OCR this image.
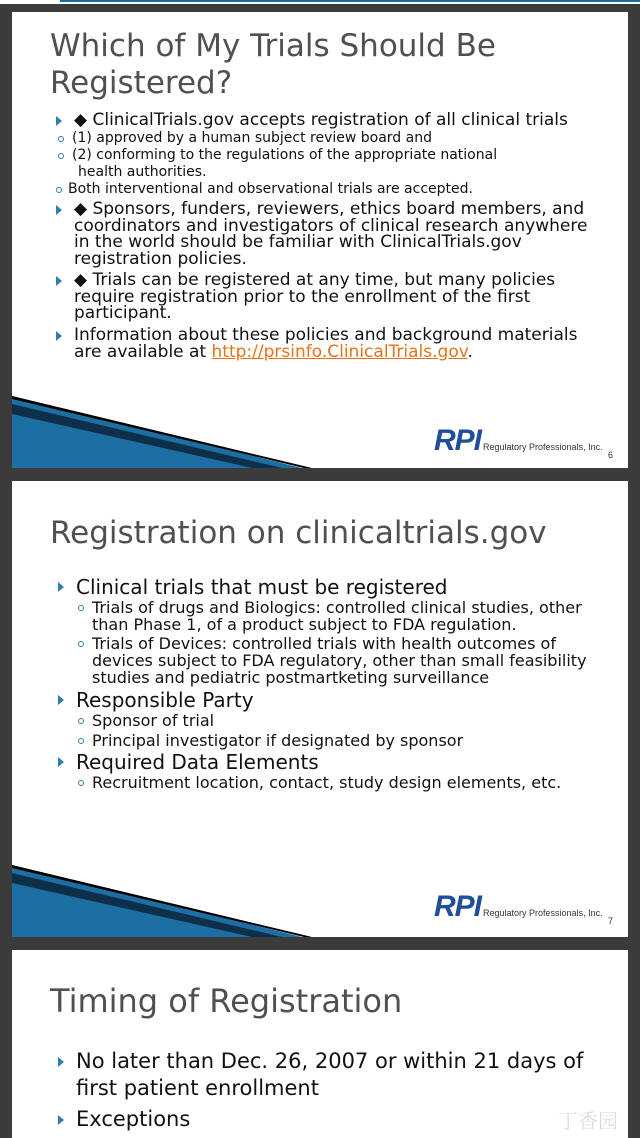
Which of My Trials Should Be
Registered?
◆ ClinicalTrials.gov accepts registration of all clinical trials
(1) approved by a human subject review board and
(2) conforming to the regulations of the appropriate national
health authorities.
Both interventional and observational trials are accepted.
◆ Sponsors, funders, reviewers, ethics board members, and coordinators and investigators of clinical research anywhere in the world should be familiar with ClinicalTrials.gov registration policies.
◆ Trials can be registered at any time, but many policies require registration prior to the enrollment of the first participant.
Information about these policies and background materials are available at http://prsinfo.ClinicalTrials.gov.
RPI Regulatory Professionals, Inc.
6
Registration on clinicaltrials.gov
Clinical trials that must be registered
Trials of drugs and Biologics: controlled clinical studies, other than Phase 1, of a product subject to FDA regulation.
Trials of Devices: controlled trials with health outcomes of devices subject to FDA regulatory, other than small feasibility studies and pediatric postmartketing surveillance
Responsible Party
Sponsor of trial
Principal investigator if designated by sponsor
Required Data Elements
Recruitment location, contact, study design elements, etc.
RPI Regulatory Professionals, Inc.
7
Timing of Registration
No later than Dec. 26, 2007 or within 21 days of first patient enrollment
Exceptions	丁香园
